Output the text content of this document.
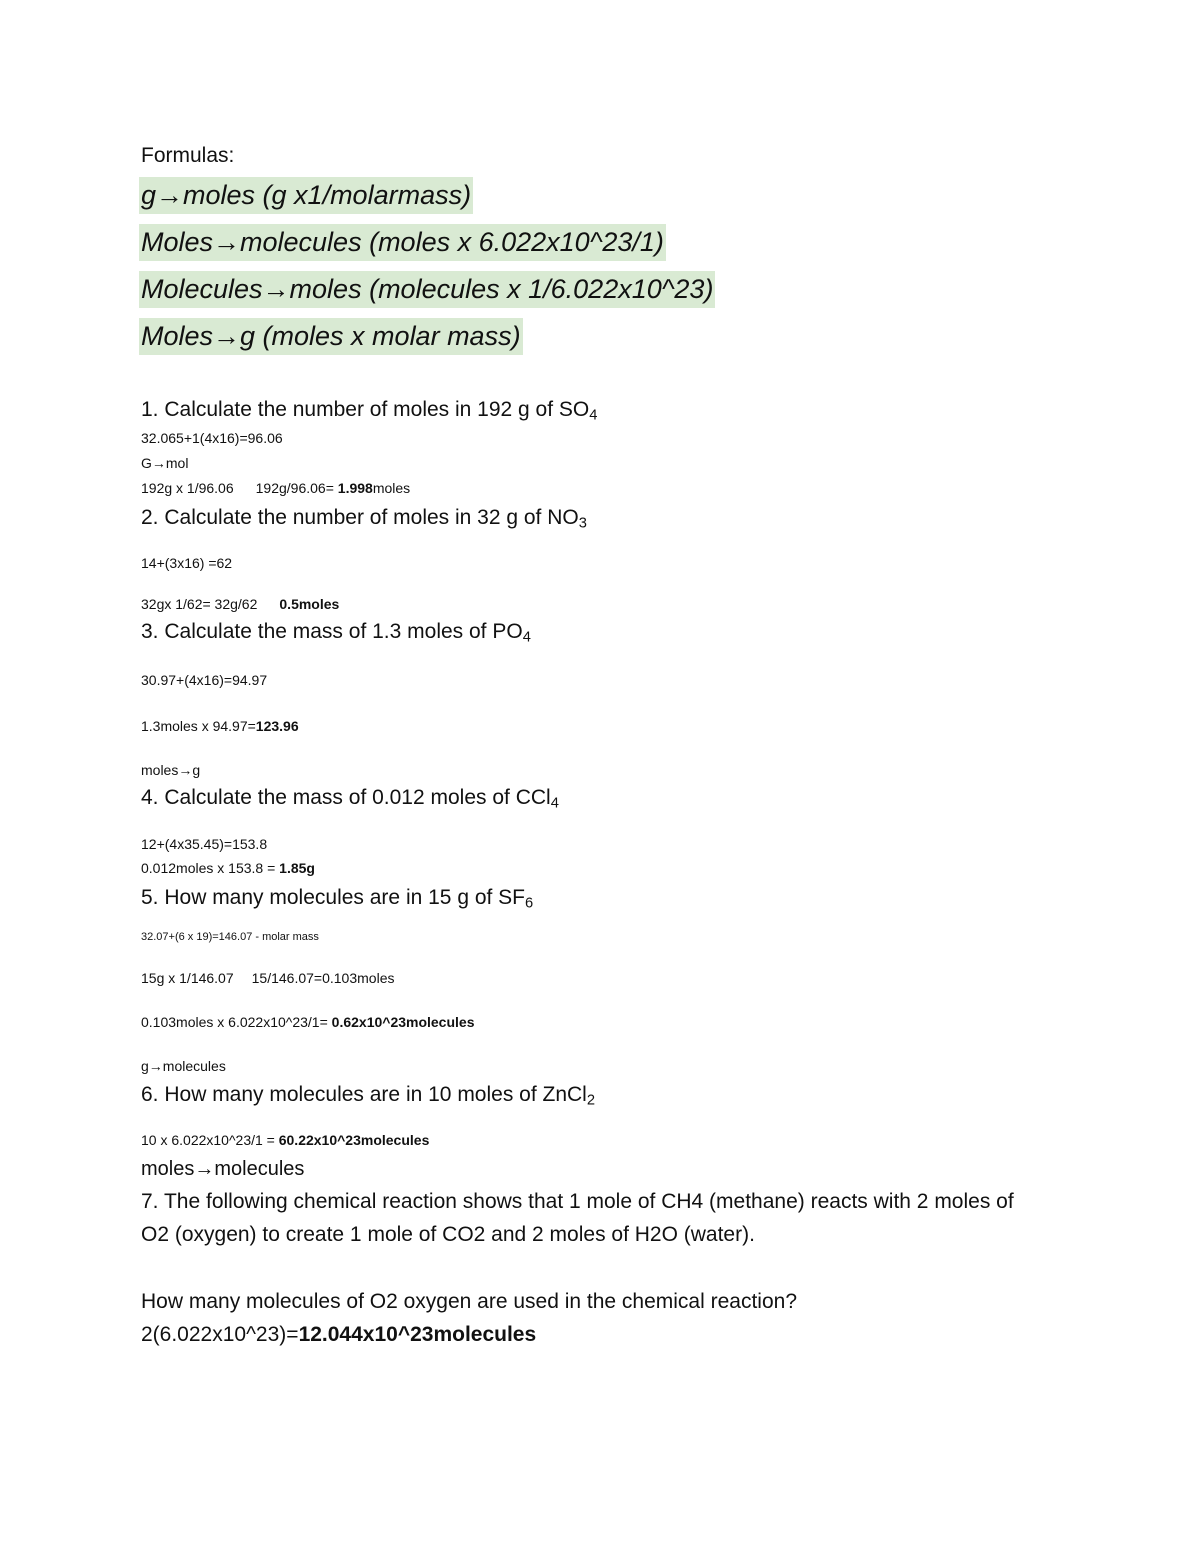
Formulas:

g→moles (g x1/molarmass)

Moles→molecules (moles x 6.022x10^23/1)

Molecules→moles (molecules x 1/6.022x10^23)

Moles→g (moles x molar mass)

1. Calculate the number of moles in 192 g of $SO_4$

32.065+1(4x16)=96.06

G→mol

192g x 1/96.06 192g/96.06= 1.998moles

2. Calculate the number of moles in 32 g of $NO_3$

14+(3x16) =62

32gx 1/62= 32g/62 0.5moles

3. Calculate the mass of 1.3 moles of $PO_4$

30.97+(4x16)=94.97

1.3moles x 94.97=123.96

moles→g

4. Calculate the mass of 0.012 moles of CCl$_4$

12+(4x35.45)=153.8

0.012moles x 153.8 = 1.85g

5. How many molecules are in 15 g of $SF_6$

32.07+(6 x 19)=146.07 - molar mass

15g x 1/146.07 15/146.07=0.103moles

0.103moles x 6.022x10^23/1= 0.62x10^23molecules

g→molecules

6. How many molecules are in 10 moles of ZnCl$_2$

10 x 6.022x10^23/1 = 60.22x10^23molecules

moles→molecules

7. The following chemical reaction shows that 1 mole of CH4 (methane) reacts with 2 moles of

O2 (oxygen) to create 1 mole of CO2 and 2 moles of H2O (water).

How many molecules of O2 oxygen are used in the chemical reaction?

2(6.022x10^23)=12.044x10^23molecules
